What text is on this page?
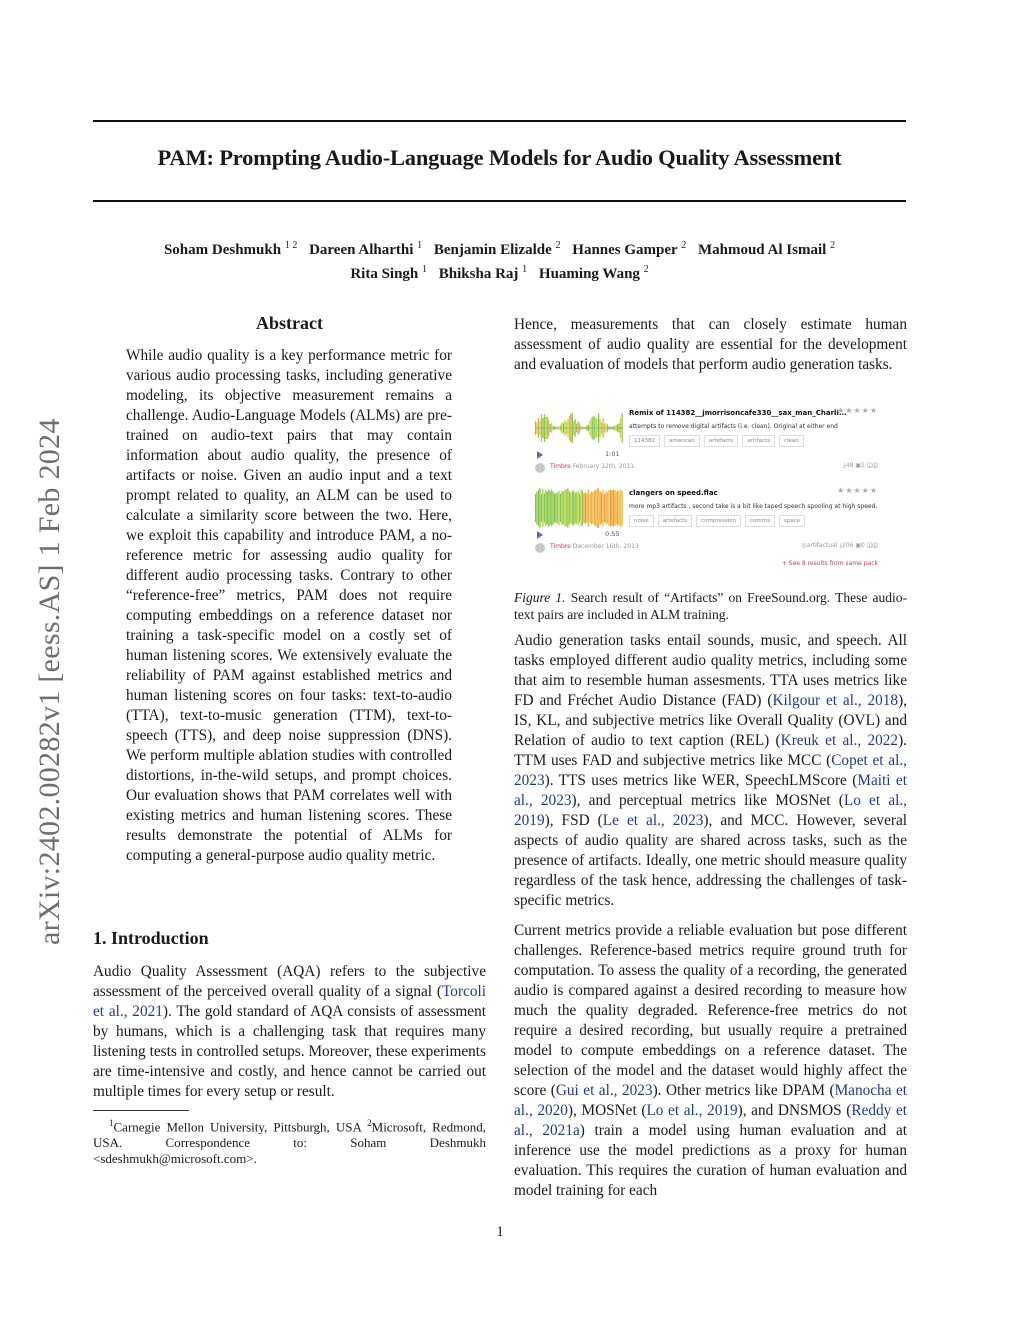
PAM: Prompting Audio-Language Models for Audio Quality Assessment
Soham Deshmukh $^{1 2}$ Dareen Alharthi $^1$ Benjamin Elizalde $^2$ Hannes Gamper $^2$ Mahmoud Al Ismail $^2$
Rita Singh $^1$ Bhiksha Raj $^1$ Huaming Wang $^2$
arXiv:2402.00282v1 [eess.AS] 1 Feb 2024
Abstract
While audio quality is a key performance metric for various audio processing tasks, including generative modeling, its objective measurement remains a challenge. Audio-Language Models (ALMs) are pre-trained on audio-text pairs that may contain information about audio quality, the presence of artifacts or noise. Given an audio input and a text prompt related to quality, an ALM can be used to calculate a similarity score between the two. Here, we exploit this capability and introduce PAM, a no-reference metric for assessing audio quality for different audio processing tasks. Contrary to other “reference-free” metrics, PAM does not require computing embeddings on a reference dataset nor training a task-specific model on a costly set of human listening scores. We extensively evaluate the reliability of PAM against established metrics and human listening scores on four tasks: text-to-audio (TTA), text-to-music generation (TTM), text-to-speech (TTS), and deep noise suppression (DNS). We perform multiple ablation studies with controlled distortions, in-the-wild setups, and prompt choices. Our evaluation shows that PAM correlates well with existing metrics and human listening scores. These results demonstrate the potential of ALMs for computing a general-purpose audio quality metric.
1. Introduction
Audio Quality Assessment (AQA) refers to the subjective assessment of the perceived overall quality of a signal (Torcoli et al., 2021). The gold standard of AQA consists of assessment by humans, which is a challenging task that requires many listening tests in controlled setups. Moreover, these experiments are time-intensive and costly, and hence cannot be carried out multiple times for every setup or result.
$^1$Carnegie Mellon University, Pittsburgh, USA $^2$Microsoft, Redmond, USA. Correspondence to: Soham Deshmukh <sdeshmukh@microsoft.com>.
Hence, measurements that can closely estimate human assessment of audio quality are essential for the development and evaluation of models that perform audio generation tasks.
1:01
Timbre February 12th, 2011
Remix of 114382__jmorrisoncafe330__sax_man_Charli...
attempts to remove digital artifacts (i.e. clean). Original at either end
114382	american	artefacts	artifacts	clean
★★★★★
⤓48 ▣1 ⓘⓈ
0:55
Timbre December 16th, 2013
clangers on speed.flac
more mp3 artifacts , second take is a bit like taped speech spooling at high speed.
noise	artefacts	compression	comms	space
★★★★★
◎artifactual ⤓206 ▣0 ⓘⓈ
+ See 8 results from same pack
Figure 1. Search result of “Artifacts” on FreeSound.org. These audio-text pairs are included in ALM training.
Audio generation tasks entail sounds, music, and speech. All tasks employed different audio quality metrics, including some that aim to resemble human assesments. TTA uses metrics like FD and Fréchet Audio Distance (FAD) (Kilgour et al., 2018), IS, KL, and subjective metrics like Overall Quality (OVL) and Relation of audio to text caption (REL) (Kreuk et al., 2022). TTM uses FAD and subjective metrics like MCC (Copet et al., 2023). TTS uses metrics like WER, SpeechLMScore (Maiti et al., 2023), and perceptual metrics like MOSNet (Lo et al., 2019), FSD (Le et al., 2023), and MCC. However, several aspects of audio quality are shared across tasks, such as the presence of artifacts. Ideally, one metric should measure quality regardless of the task hence, addressing the challenges of task-specific metrics.
Current metrics provide a reliable evaluation but pose different challenges. Reference-based metrics require ground truth for computation. To assess the quality of a recording, the generated audio is compared against a desired recording to measure how much the quality degraded. Reference-free metrics do not require a desired recording, but usually require a pretrained model to compute embeddings on a reference dataset. The selection of the model and the dataset would highly affect the score (Gui et al., 2023). Other metrics like DPAM (Manocha et al., 2020), MOSNet (Lo et al., 2019), and DNSMOS (Reddy et al., 2021a) train a model using human evaluation and at inference use the model predictions as a proxy for human evaluation. This requires the curation of human evaluation and model training for each
1
